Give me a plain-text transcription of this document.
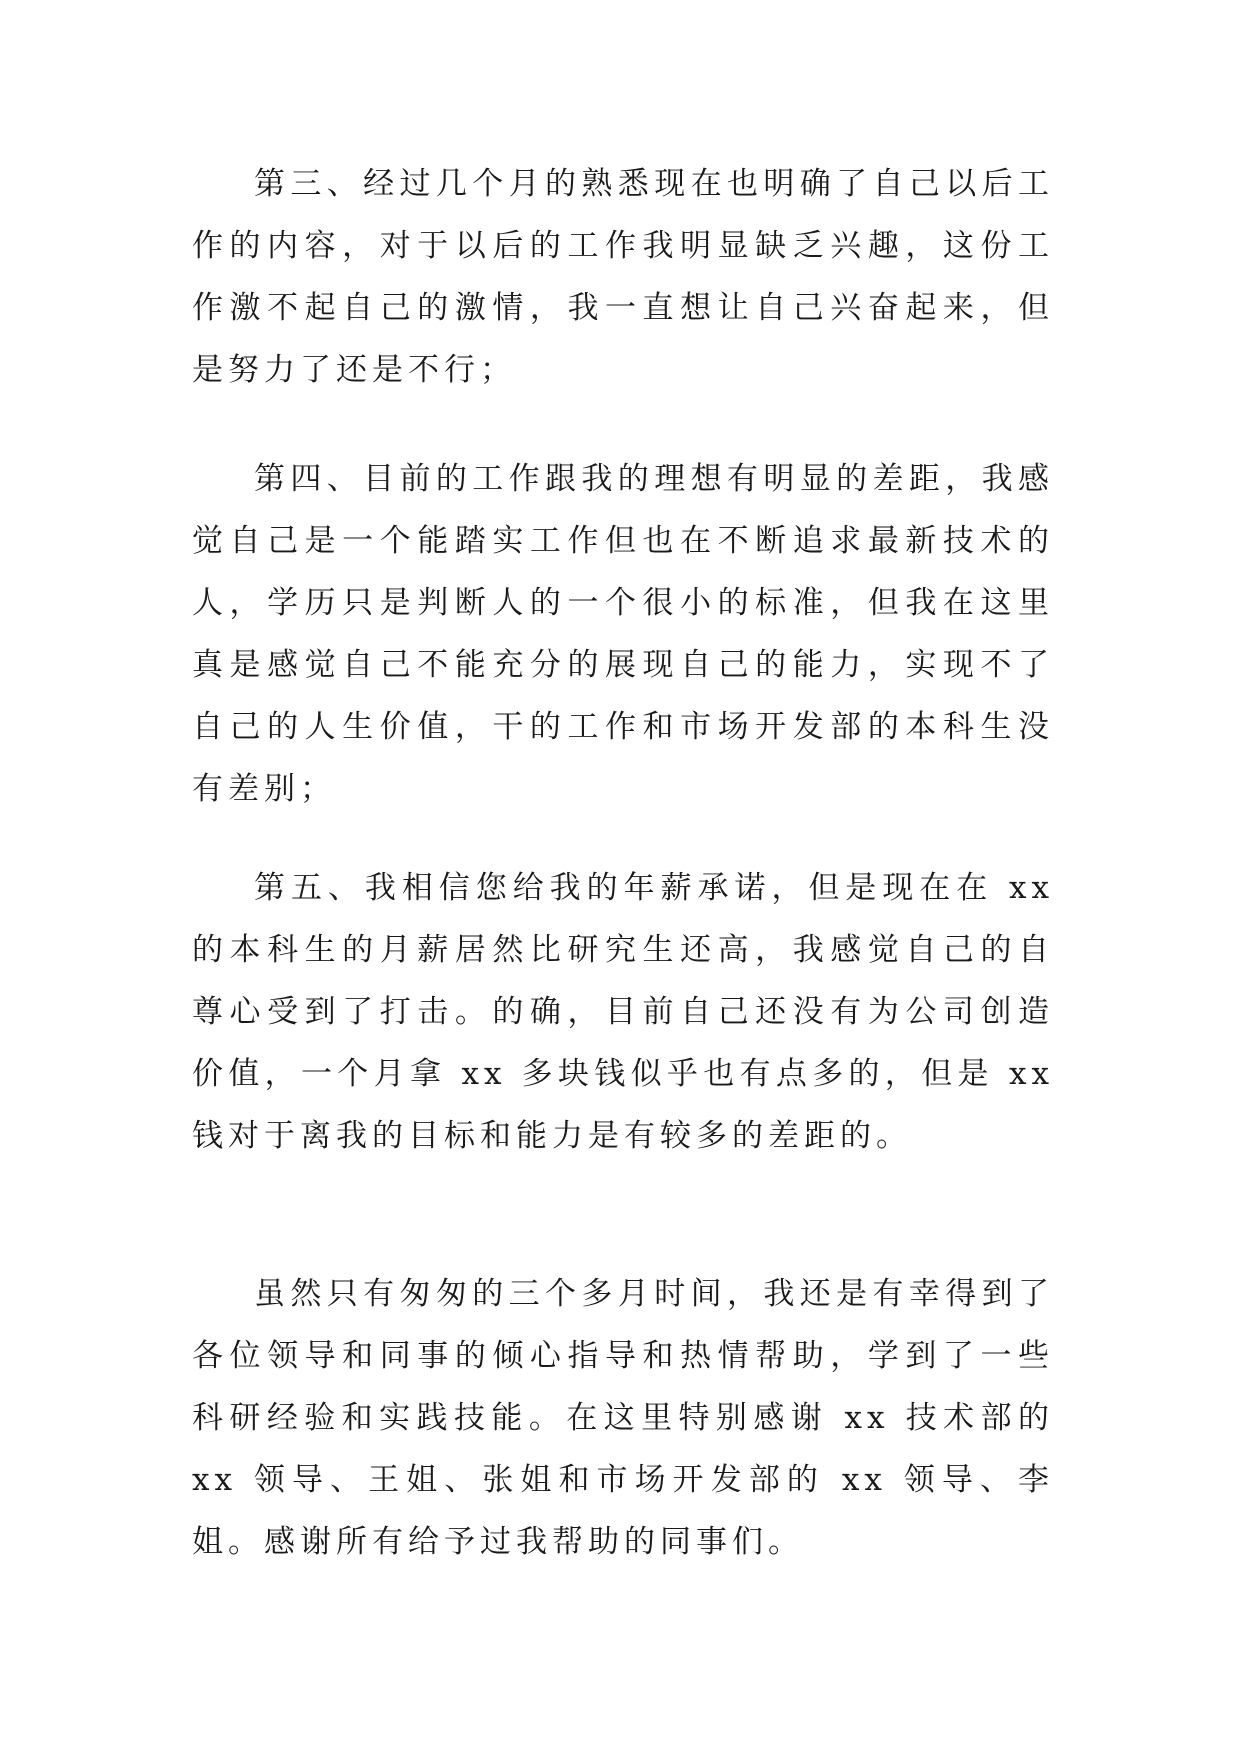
第三、经过几个月的熟悉现在也明确了自己以后工作的内容，对于以后的工作我明显缺乏兴趣，这份工作激不起自己的激情，我一直想让自己兴奋起来，但是努力了还是不行；

第四、目前的工作跟我的理想有明显的差距，我感觉自己是一个能踏实工作但也在不断追求最新技术的人，学历只是判断人的一个很小的标准，但我在这里真是感觉自己不能充分的展现自己的能力，实现不了自己的人生价值，干的工作和市场开发部的本科生没有差别；

第五、我相信您给我的年薪承诺，但是现在在 xx 的本科生的月薪居然比研究生还高，我感觉自己的自尊心受到了打击。的确，目前自己还没有为公司创造价值，一个月拿 xx 多块钱似乎也有点多的，但是 xx 钱对于离我的目标和能力是有较多的差距的。

虽然只有匆匆的三个多月时间，我还是有幸得到了各位领导和同事的倾心指导和热情帮助，学到了一些科研经验和实践技能。在这里特别感谢 xx 技术部的 xx 领导、王姐、张姐和市场开发部的 xx 领导、李姐。感谢所有给予过我帮助的同事们。
